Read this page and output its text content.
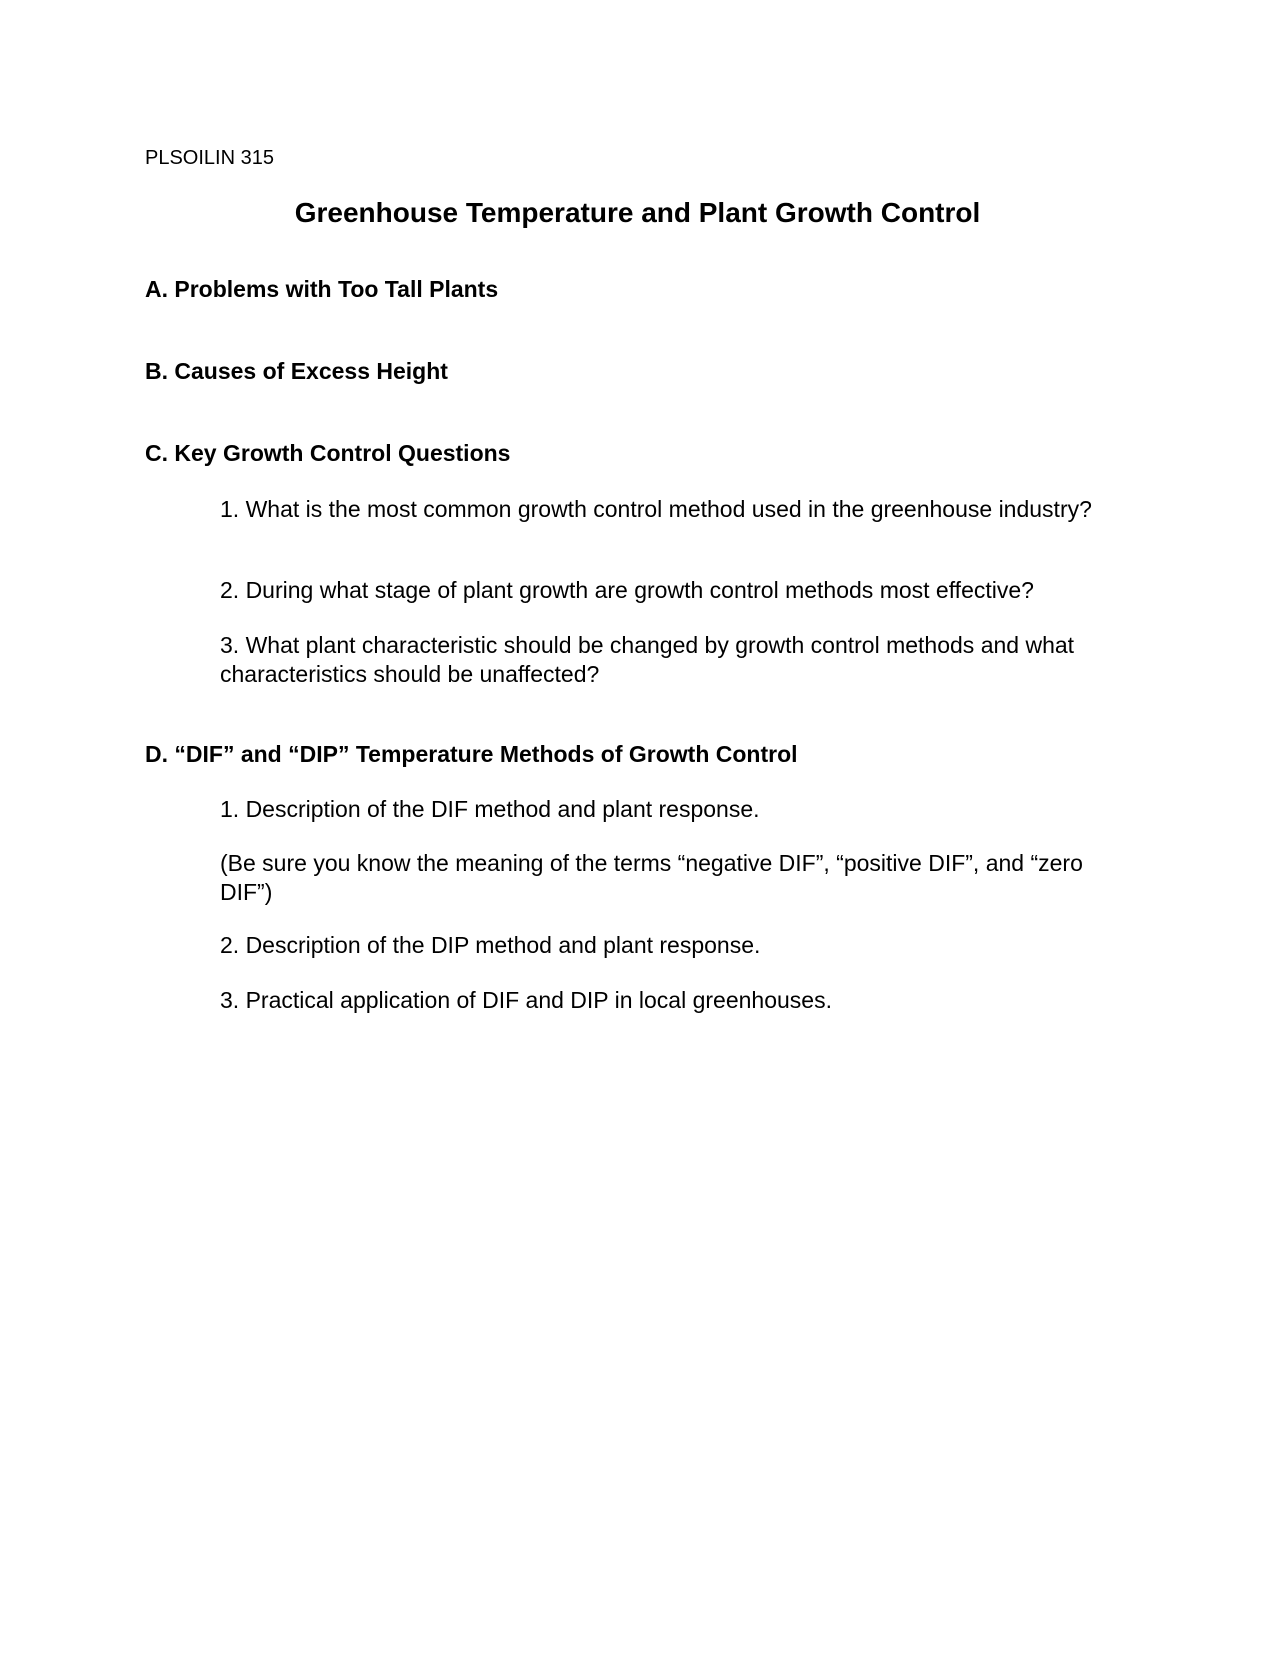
PLSOILIN 315
Greenhouse Temperature and Plant Growth Control
A. Problems with Too Tall Plants
B. Causes of Excess Height
C. Key Growth Control Questions

1. What is the most common growth control method used in the greenhouse industry?

2. During what stage of plant growth are growth control methods most effective?

3. What plant characteristic should be changed by growth control methods and what characteristics should be unaffected?

D. “DIF” and “DIP” Temperature Methods of Growth Control

1. Description of the DIF method and plant response.

(Be sure you know the meaning of the terms “negative DIF”, “positive DIF”, and “zero DIF”)

2. Description of the DIP method and plant response.

3. Practical application of DIF and DIP in local greenhouses.
